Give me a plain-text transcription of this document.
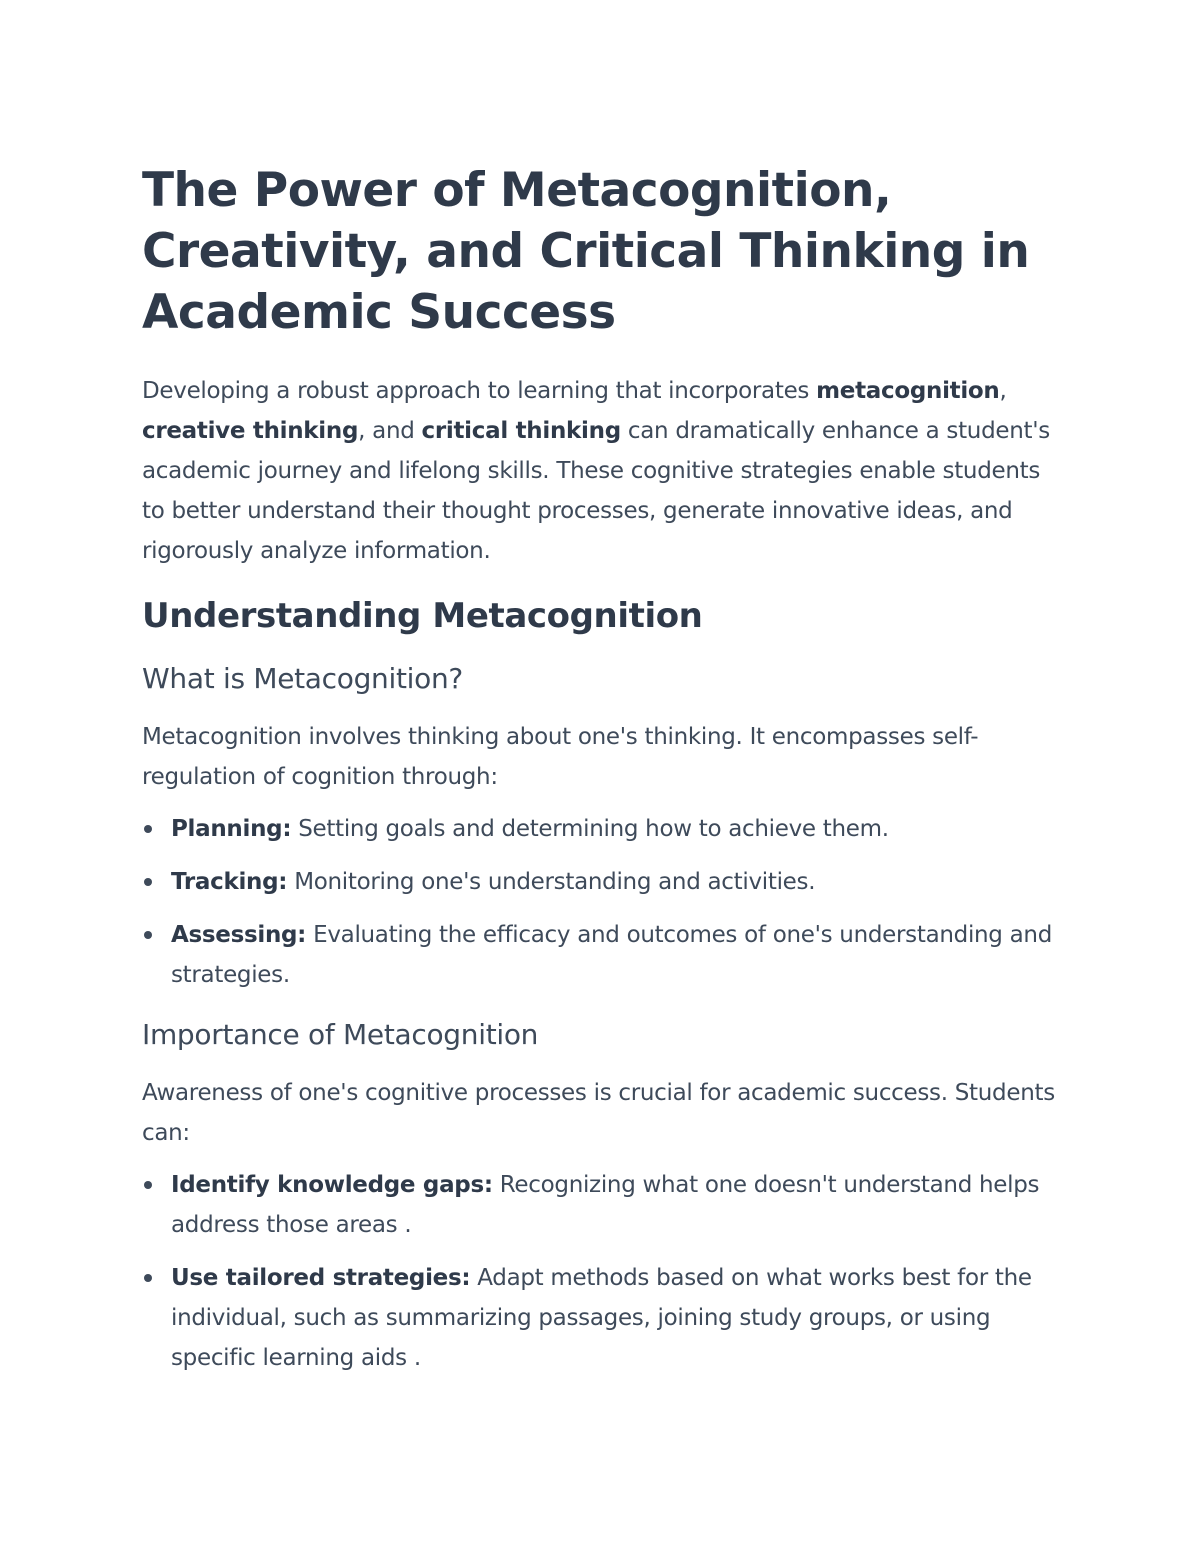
The Power of Metacognition, Creativity, and Critical Thinking in Academic Success

Developing a robust approach to learning that incorporates metacognition, creative thinking, and critical thinking can dramatically enhance a student's academic journey and lifelong skills. These cognitive strategies enable students to better understand their thought processes, generate innovative ideas, and rigorously analyze information.

Understanding Metacognition
What is Metacognition?

Metacognition involves thinking about one's thinking. It encompasses self-regulation of cognition through:

Planning: Setting goals and determining how to achieve them.
Tracking: Monitoring one's understanding and activities.
Assessing: Evaluating the efficacy and outcomes of one's understanding and strategies.
Importance of Metacognition

Awareness of one's cognitive processes is crucial for academic success. Students can:

Identify knowledge gaps: Recognizing what one doesn't understand helps address those areas .
Use tailored strategies: Adapt methods based on what works best for the individual, such as summarizing passages, joining study groups, or using specific learning aids .
